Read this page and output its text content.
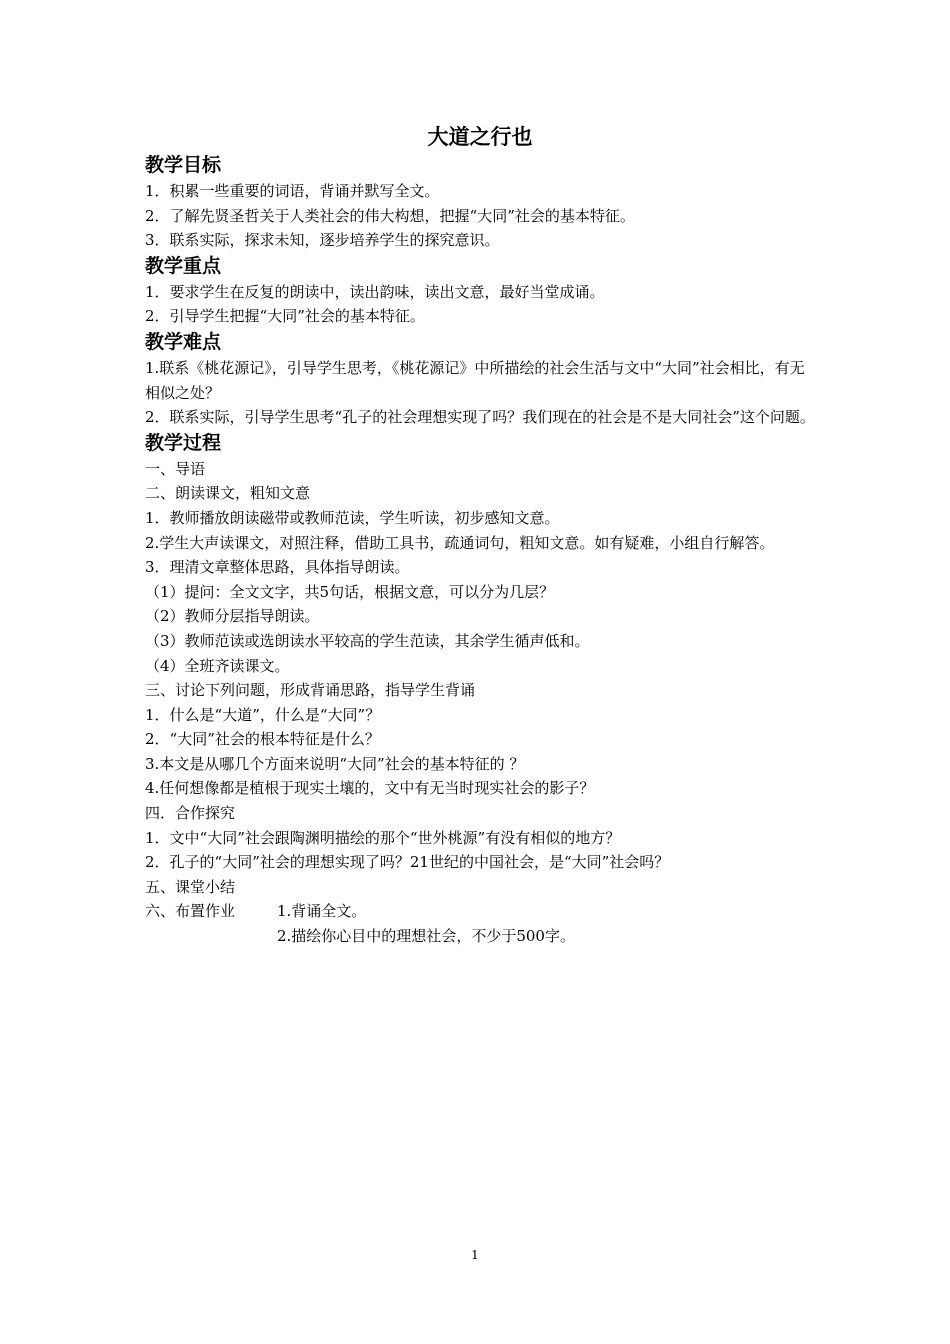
大道之行也
教学目标

1．积累一些重要的词语，背诵并默写全文。

2．了解先贤圣哲关于人类社会的伟大构想，把握“大同”社会的基本特征。

3．联系实际，探求未知，逐步培养学生的探究意识。

教学重点

1．要求学生在反复的朗读中，读出韵味，读出文意，最好当堂成诵。

2．引导学生把握“大同”社会的基本特征。

教学难点

1.联系《桃花源记》，引导学生思考，《桃花源记》中所描绘的社会生活与文中“大同”社会相比，有无相似之处？

2．联系实际，引导学生思考“孔子的社会理想实现了吗？我们现在的社会是不是大同社会”这个问题。

教学过程

一、导语

二、朗读课文，粗知文意

1．教师播放朗读磁带或教师范读，学生听读，初步感知文意。

2.学生大声读课文，对照注释，借助工具书，疏通词句，粗知文意。如有疑难，小组自行解答。

3．理清文章整体思路，具体指导朗读。

（1）提问：全文文字，共5句话，根据文意，可以分为几层？

（2）教师分层指导朗读。

（3）教师范读或选朗读水平较高的学生范读，其余学生循声低和。

（4）全班齐读课文。

三、讨论下列问题，形成背诵思路，指导学生背诵

1．什么是“大道”，什么是“大同”？

2．“大同”社会的根本特征是什么？

3.本文是从哪几个方面来说明“大同”社会的基本特征的 ？

4.任何想像都是植根于现实土壤的，文中有无当时现实社会的影子？

四．合作探究

1．文中“大同”社会跟陶渊明描绘的那个“世外桃源”有没有相似的地方？

2．孔子的“大同”社会的理想实现了吗？21世纪的中国社会，是“大同”社会吗？

五、课堂小结

六、布置作业	1.背诵全文。

2.描绘你心目中的理想社会，不少于500字。

1
